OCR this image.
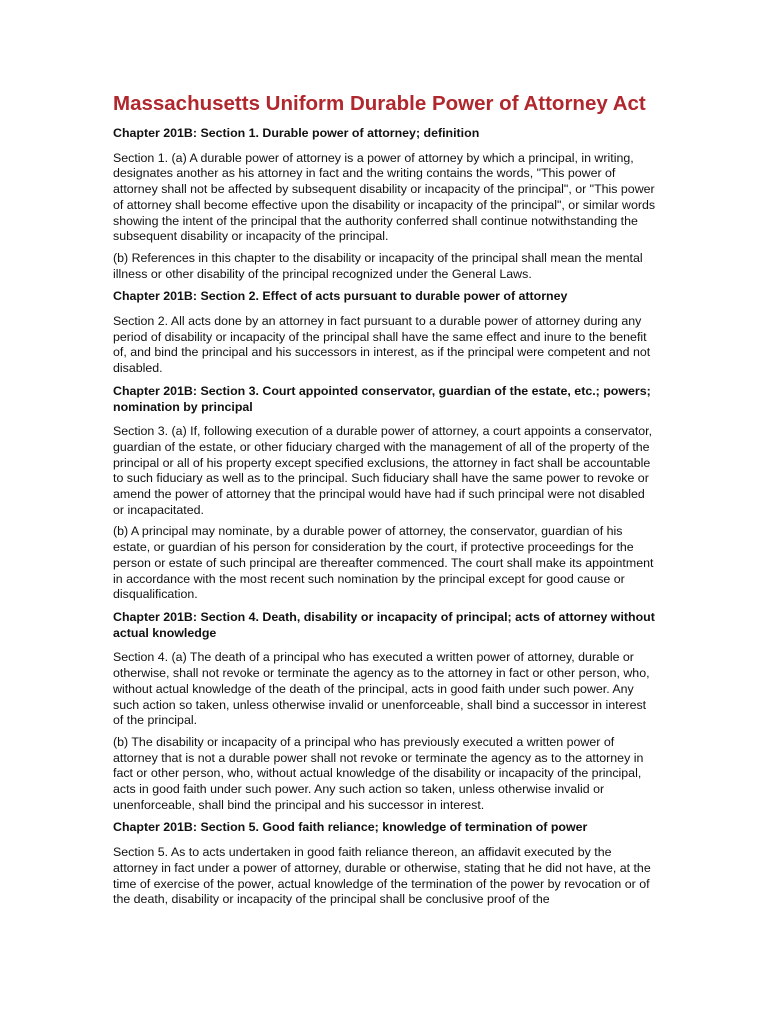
Massachusetts Uniform Durable Power of Attorney Act
Chapter 201B: Section 1. Durable power of attorney; definition

Section 1. (a) A durable power of attorney is a power of attorney by which a principal, in writing, designates another as his attorney in fact and the writing contains the words, "This power of attorney shall not be affected by subsequent disability or incapacity of the principal", or "This power of attorney shall become effective upon the disability or incapacity of the principal", or similar words showing the intent of the principal that the authority conferred shall continue notwithstanding the subsequent disability or incapacity of the principal.

(b) References in this chapter to the disability or incapacity of the principal shall mean the mental illness or other disability of the principal recognized under the General Laws.

Chapter 201B: Section 2. Effect of acts pursuant to durable power of attorney

Section 2. All acts done by an attorney in fact pursuant to a durable power of attorney during any period of disability or incapacity of the principal shall have the same effect and inure to the benefit of, and bind the principal and his successors in interest, as if the principal were competent and not disabled.

Chapter 201B: Section 3. Court appointed conservator, guardian of the estate, etc.; powers; nomination by principal

Section 3. (a) If, following execution of a durable power of attorney, a court appoints a conservator, guardian of the estate, or other fiduciary charged with the management of all of the property of the principal or all of his property except specified exclusions, the attorney in fact shall be accountable to such fiduciary as well as to the principal. Such fiduciary shall have the same power to revoke or amend the power of attorney that the principal would have had if such principal were not disabled or incapacitated.

(b) A principal may nominate, by a durable power of attorney, the conservator, guardian of his estate, or guardian of his person for consideration by the court, if protective proceedings for the person or estate of such principal are thereafter commenced. The court shall make its appointment in accordance with the most recent such nomination by the principal except for good cause or disqualification.

Chapter 201B: Section 4. Death, disability or incapacity of principal; acts of attorney without actual knowledge

Section 4. (a) The death of a principal who has executed a written power of attorney, durable or otherwise, shall not revoke or terminate the agency as to the attorney in fact or other person, who, without actual knowledge of the death of the principal, acts in good faith under such power. Any such action so taken, unless otherwise invalid or unenforceable, shall bind a successor in interest of the principal.

(b) The disability or incapacity of a principal who has previously executed a written power of attorney that is not a durable power shall not revoke or terminate the agency as to the attorney in fact or other person, who, without actual knowledge of the disability or incapacity of the principal, acts in good faith under such power. Any such action so taken, unless otherwise invalid or unenforceable, shall bind the principal and his successor in interest.

Chapter 201B: Section 5. Good faith reliance; knowledge of termination of power

Section 5. As to acts undertaken in good faith reliance thereon, an affidavit executed by the attorney in fact under a power of attorney, durable or otherwise, stating that he did not have, at the time of exercise of the power, actual knowledge of the termination of the power by revocation or of the death, disability or incapacity of the principal shall be conclusive proof of the
